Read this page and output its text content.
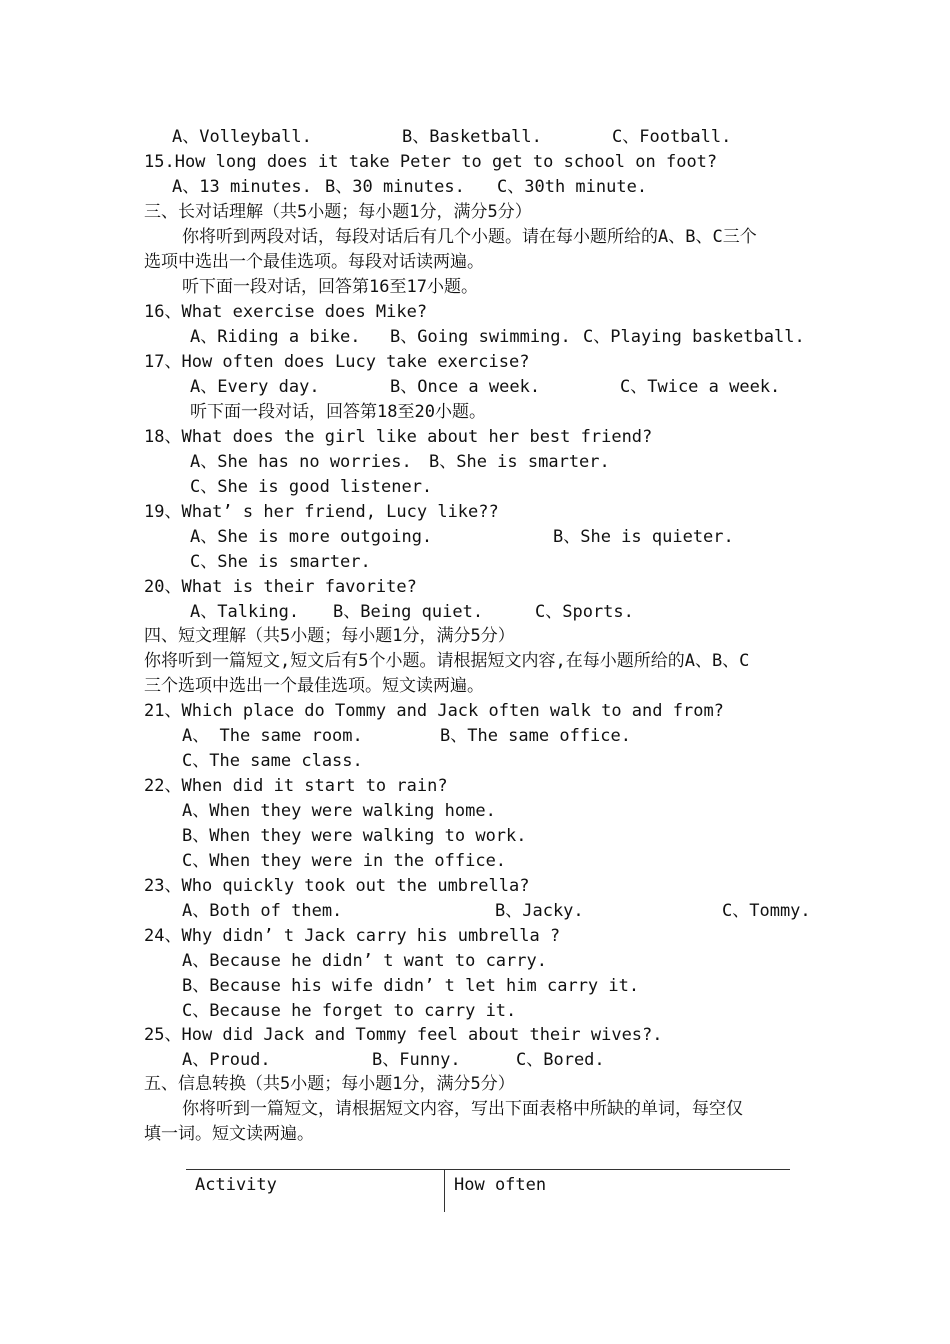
A、Volleyball.	B、Basketball.	C、Football.
15.How long does it take Peter to get to school on foot?
A、13 minutes. B、30 minutes. C、30th minute.
三、长对话理解（共5小题；每小题1分，满分5分）
你将听到两段对话，每段对话后有几个小题。请在每小题所给的A、B、C三个
选项中选出一个最佳选项。每段对话读两遍。
听下面一段对话，回答第16至17小题。
16、What exercise does Mike?
A、Riding a bike. B、Going swimming. C、Playing basketball.
17、How often does Lucy take exercise?
A、Every day.	B、Once a week.	C、Twice a week.
听下面一段对话，回答第18至20小题。
18、What does the girl like about her best friend?
A、She has no worries. B、She is smarter.
C、She is good listener.
19、What’ s her friend, Lucy like??
A、She is more outgoing.	B、She is quieter.
C、She is smarter.
20、What is their favorite?
A、Talking. B、Being quiet.	C、Sports.
四、短文理解（共5小题；每小题1分，满分5分）
你将听到一篇短文,短文后有5个小题。请根据短文内容,在每小题所给的A、B、C
三个选项中选出一个最佳选项。短文读两遍。
21、Which place do Tommy and Jack often walk to and from?
A、 The same room.	B、The same office.
C、The same class.
22、When did it start to rain?
A、When they were walking home.
B、When they were walking to work.
C、When they were in the office.
23、Who quickly took out the umbrella?
A、Both of them.	B、Jacky.	C、Tommy.
24、Why didn’ t Jack carry his umbrella ?
A、Because he didn’ t want to carry.
B、Because his wife didn’ t let him carry it.
C、Because he forget to carry it.
25、How did Jack and Tommy feel about their wives?.
A、Proud.	B、Funny.	C、Bored.
五、信息转换（共5小题；每小题1分，满分5分）
你将听到一篇短文，请根据短文内容，写出下面表格中所缺的单词，每空仅
填一词。短文读两遍。
Activity	How often
